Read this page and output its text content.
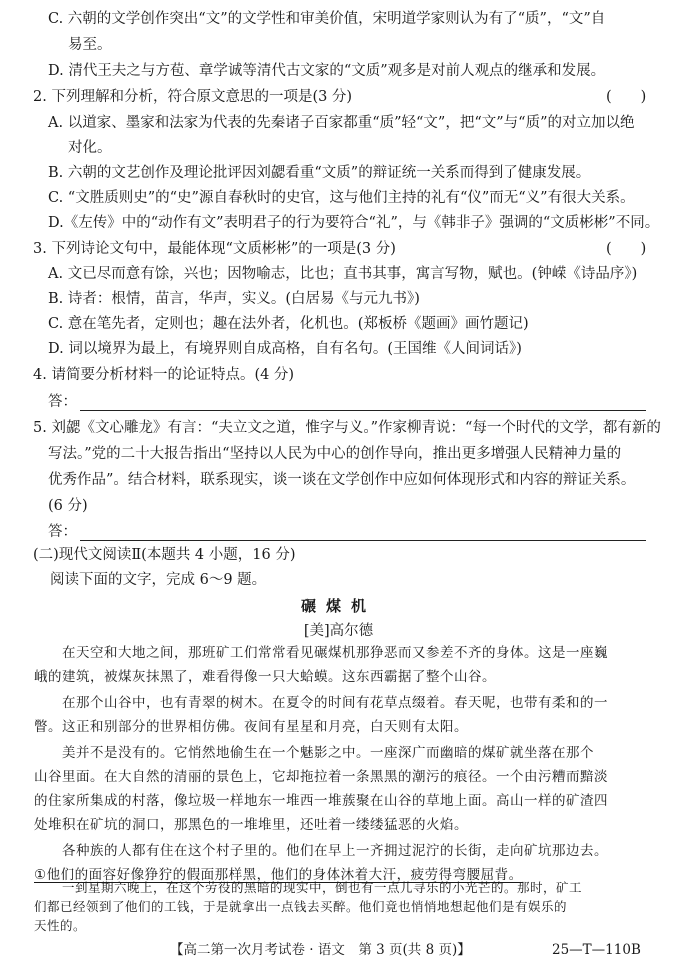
C. 六朝的文学创作突出“文”的文学性和审美价值，宋明道学家则认为有了“质”，“文”自
易至。
D. 清代王夫之与方苞、章学诚等清代古文家的“文质”观多是对前人观点的继承和发展。
2. 下列理解和分析，符合原文意思的一项是(3 分)	(　　)
A. 以道家、墨家和法家为代表的先秦诸子百家都重“质”轻“文”，把“文”与“质”的对立加以绝
对化。
B. 六朝的文艺创作及理论批评因刘勰看重“文质”的辩证统一关系而得到了健康发展。
C. “文胜质则史”的“史”源自春秋时的史官，这与他们主持的礼有“仪”而无“义”有很大关系。
D.《左传》中的“动作有文”表明君子的行为要符合“礼”，与《韩非子》强调的“文质彬彬”不同。
3. 下列诗论文句中，最能体现“文质彬彬”的一项是(3 分)	(　　)
A. 文已尽而意有馀，兴也；因物喻志，比也；直书其事，寓言写物，赋也。(钟嵘《诗品序》)
B. 诗者：根情，苗言，华声，实义。(白居易《与元九书》)
C. 意在笔先者，定则也；趣在法外者，化机也。(郑板桥《题画》画竹题记)
D. 词以境界为最上，有境界则自成高格，自有名句。(王国维《人间词话》)
4. 请简要分析材料一的论证特点。(4 分)
答：
5. 刘勰《文心雕龙》有言：“夫立文之道，惟字与义。”作家柳青说：“每一个时代的文学，都有新的
写法。”党的二十大报告指出“坚持以人民为中心的创作导向，推出更多增强人民精神力量的
优秀作品”。结合材料，联系现实，谈一谈在文学创作中应如何体现形式和内容的辩证关系。
(6 分)
答：
(二)现代文阅读Ⅱ(本题共 4 小题，16 分)
阅读下面的文字，完成 6～9 题。
碾煤机
[美]高尔德
在天空和大地之间，那班矿工们常常看见碾煤机那狰恶而又参差不齐的身体。这是一座巍
峨的建筑，被煤灰抹黑了，难看得像一只大蛤蟆。这东西霸据了整个山谷。
在那个山谷中，也有青翠的树木。在夏令的时间有花草点缀着。春天呢，也带有柔和的一
瞥。这正和别部分的世界相仿佛。夜间有星星和月亮，白天则有太阳。
美并不是没有的。它悄然地偷生在一个魅影之中。一座深广而幽暗的煤矿就坐落在那个
山谷里面。在大自然的清丽的景色上，它却拖拉着一条黑黑的潮污的痕径。一个由污糟而黯淡
的住家所集成的村落，像垃圾一样地东一堆西一堆蔟聚在山谷的草地上面。高山一样的矿渣四
处堆积在矿坑的洞口，那黑色的一堆堆里，还吐着一缕缕猛恶的火焰。
各种族的人都有住在这个村子里的。他们在早上一齐拥过泥泞的长街，走向矿坑那边去。
①他们的面容好像狰狞的假面那样黑，他们的身体沐着大汗，疲劳得弯腰屈背。
【高二第一次月考试卷 · 语文　第 3 页(共 8 页)】	25—T—110B
一到星期六晚上，在这个劳役的黑暗的现实中，倒也有一点儿寻乐的小光芒的。那时，矿工
们都已经领到了他们的工钱，于是就拿出一点钱去买醉。他们竟也悄悄地想起他们是有娱乐的
天性的。
